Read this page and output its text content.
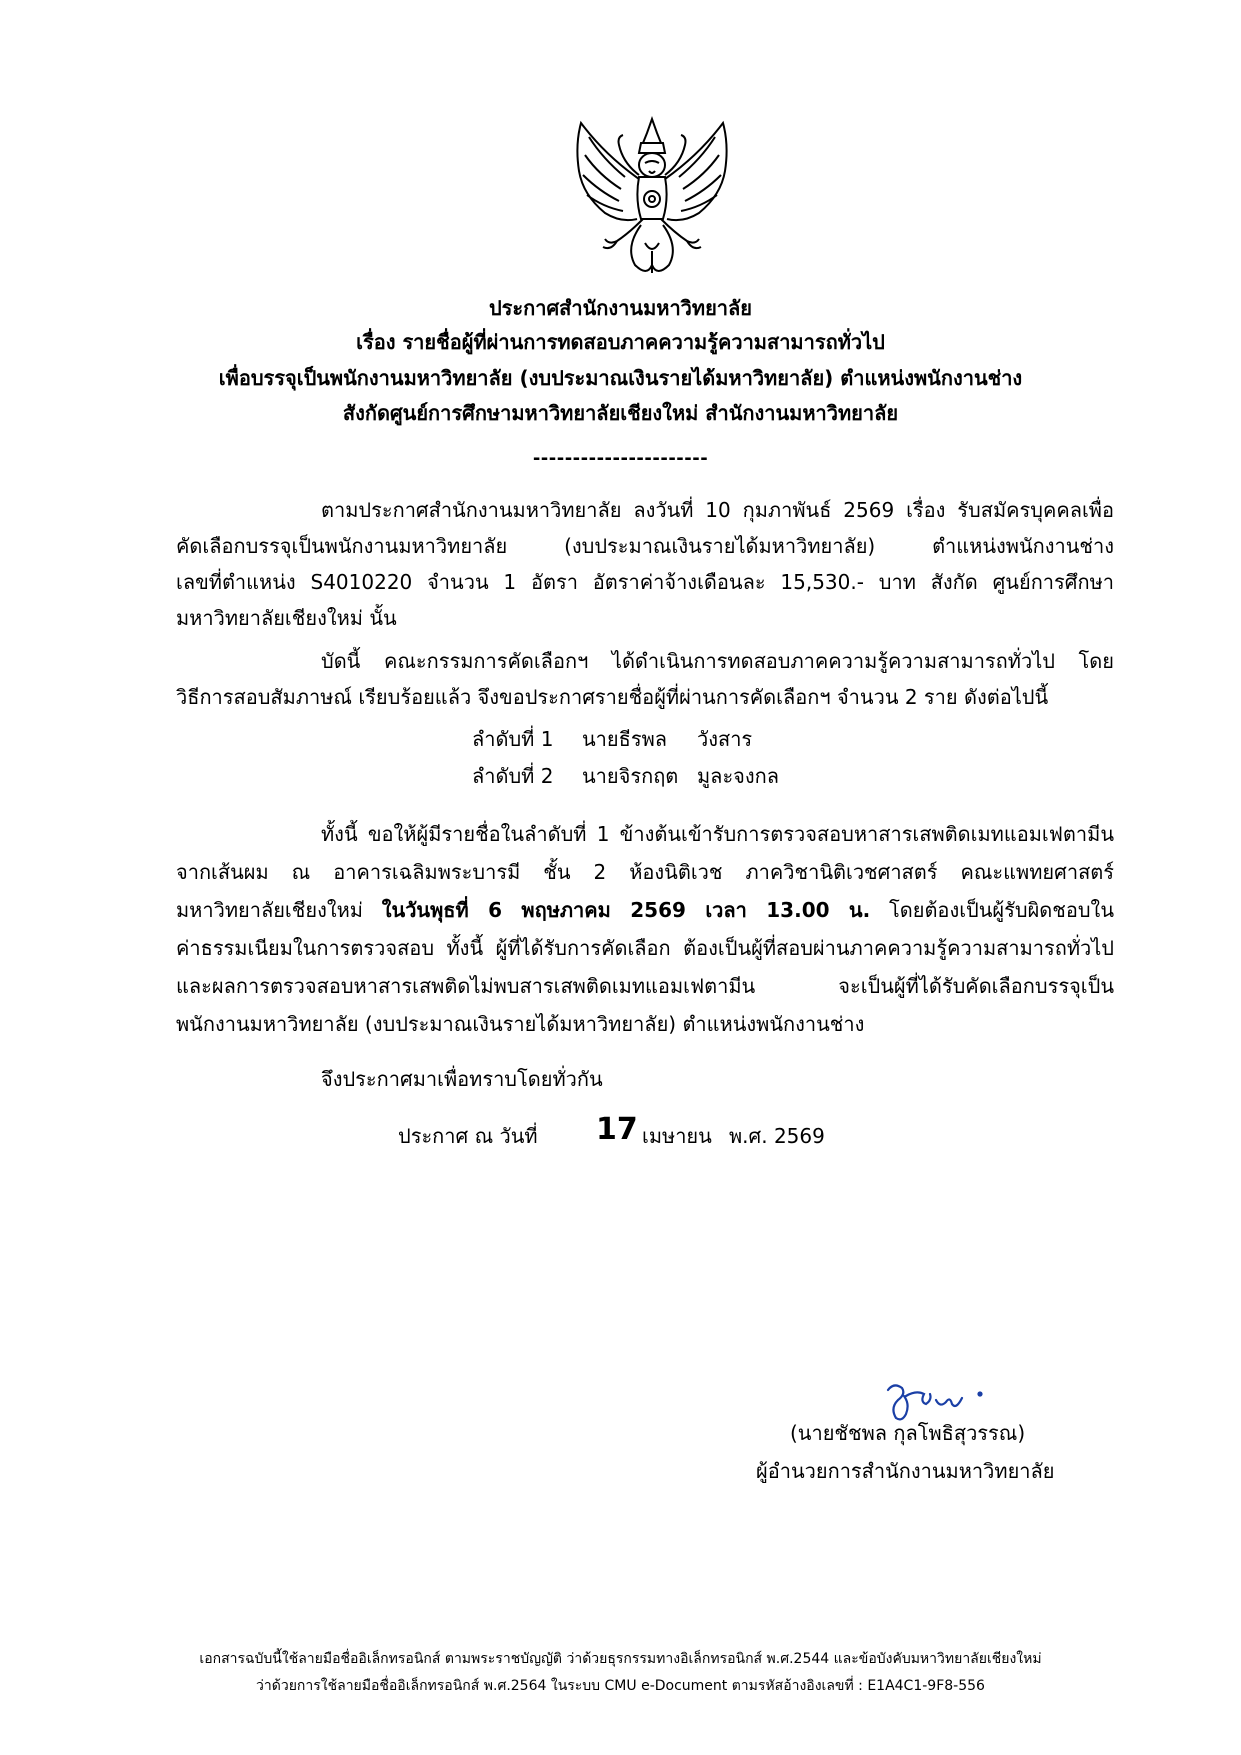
ประกาศสำนักงานมหาวิทยาลัย
เรื่อง รายชื่อผู้ที่ผ่านการทดสอบภาคความรู้ความสามารถทั่วไป
เพื่อบรรจุเป็นพนักงานมหาวิทยาลัย (งบประมาณเงินรายได้มหาวิทยาลัย) ตำแหน่งพนักงานช่าง
สังกัดศูนย์การศึกษามหาวิทยาลัยเชียงใหม่ สำนักงานมหาวิทยาลัย
----------------------
ตามประกาศสำนักงานมหาวิทยาลัย ลงวันที่ 10 กุมภาพันธ์ 2569 เรื่อง รับสมัครบุคคลเพื่อ
คัดเลือกบรรจุเป็นพนักงานมหาวิทยาลัย (งบประมาณเงินรายได้มหาวิทยาลัย) ตำแหน่งพนักงานช่าง
เลขที่ตำแหน่ง S4010220 จำนวน 1 อัตรา อัตราค่าจ้างเดือนละ 15,530.- บาท สังกัด ศูนย์การศึกษา
มหาวิทยาลัยเชียงใหม่ นั้น
บัดนี้ คณะกรรมการคัดเลือกฯ ได้ดำเนินการทดสอบภาคความรู้ความสามารถทั่วไป โดย
วิธีการสอบสัมภาษณ์ เรียบร้อยแล้ว จึงขอประกาศรายชื่อผู้ที่ผ่านการคัดเลือกฯ จำนวน 2 ราย ดังต่อไปนี้
ทั้งนี้ ขอให้ผู้มีรายชื่อในลำดับที่ 1 ข้างต้นเข้ารับการตรวจสอบหาสารเสพติดเมทแอมเฟตามีน
จากเส้นผม ณ อาคารเฉลิมพระบารมี ชั้น 2 ห้องนิติเวช ภาควิชานิติเวชศาสตร์ คณะแพทยศาสตร์
มหาวิทยาลัยเชียงใหม่ ในวันพุธที่ 6 พฤษภาคม 2569 เวลา 13.00 น. โดยต้องเป็นผู้รับผิดชอบใน
ค่าธรรมเนียมในการตรวจสอบ ทั้งนี้ ผู้ที่ได้รับการคัดเลือก ต้องเป็นผู้ที่สอบผ่านภาคความรู้ความสามารถทั่วไป
และผลการตรวจสอบหาสารเสพติดไม่พบสารเสพติดเมทแอมเฟตามีน จะเป็นผู้ที่ได้รับคัดเลือกบรรจุเป็น
พนักงานมหาวิทยาลัย (งบประมาณเงินรายได้มหาวิทยาลัย) ตำแหน่งพนักงานช่าง
จึงประกาศมาเพื่อทราบโดยทั่วกัน
ลำดับที่ 1 นายธีรพล วังสาร
ลำดับที่ 2 นายจิรกฤต มูละจงกล
ประกาศ ณ วันที่ 17 เมษายน พ.ศ. 2569
(นายชัชพล กุลโพธิสุวรรณ)
ผู้อำนวยการสำนักงานมหาวิทยาลัย
เอกสารฉบับนี้ใช้ลายมือชื่ออิเล็กทรอนิกส์ ตามพระราชบัญญัติ ว่าด้วยธุรกรรมทางอิเล็กทรอนิกส์ พ.ศ.2544 และข้อบังคับมหาวิทยาลัยเชียงใหม่
ว่าด้วยการใช้ลายมือชื่ออิเล็กทรอนิกส์ พ.ศ.2564 ในระบบ CMU e-Document ตามรหัสอ้างอิงเลขที่ : E1A4C1-9F8-556
